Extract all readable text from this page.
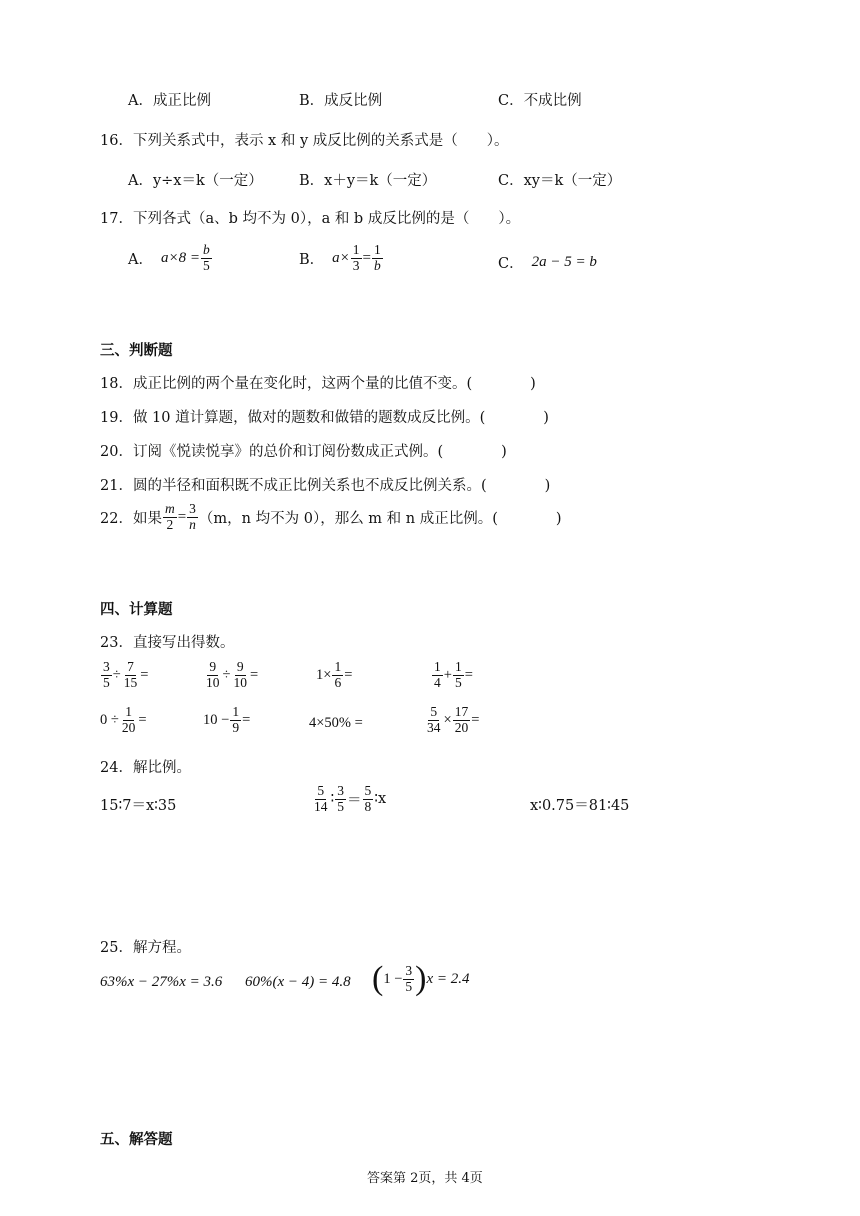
A．成正比例	B．成反比例	C．不成比例
16．下列关系式中，表示 x 和 y 成反比例的关系式是（　　）。
A．y÷x＝k（一定） B．x＋y＝k（一定）	C．xy＝k（一定）
17．下列各式（a、b 均不为 0），a 和 b 成反比例的是（　　）。
A． $a\times 8 = \frac{b}{5}$	B． $a\times \frac{1}{3} = \frac{1}{b}$	C． 2a − 5 = b
三、判断题
18．成正比例的两个量在变化时，这两个量的比值不变。(　　　　)
19．做 10 道计算题，做对的题数和做错的题数成反比例。(　　　　)
20．订阅《悦读悦享》的总价和订阅份数成正式例。(　　　　)
21．圆的半径和面积既不成正比例关系也不成反比例关系。(　　　　)
22．如果 $\frac{m}{2} = \frac{3}{n} (m$，n 均不为 0），那么 m 和 n 成正比例。(　　　　)
四、计算题
23．直接写出得数。
$\frac{3}{5} \div \frac{7}{15}$ =	$\frac{9}{10} \div \frac{9}{10}$ =	$1\times \frac{1}{6}$ =	$\frac{1}{4} + \frac{1}{5}$ =
$0 \div \frac{1}{20}$ =	$10 - \frac{1}{9}$ =	4×50% =	$\frac{5}{34} \times \frac{17}{20}$ =
24．解比例。
15∶7＝x∶35	$\frac{5}{14}$ ∶ $\frac{3}{5} = \frac{5}{8}$ ∶x	x∶0.75＝81∶45
25．解方程。
63%x − 27%x = 3.6 60%(x − 4) = 4.8 ( $1 - \frac{3}{5}$ ) x = 2.4
五、解答题
答案第 2页，共 4页
